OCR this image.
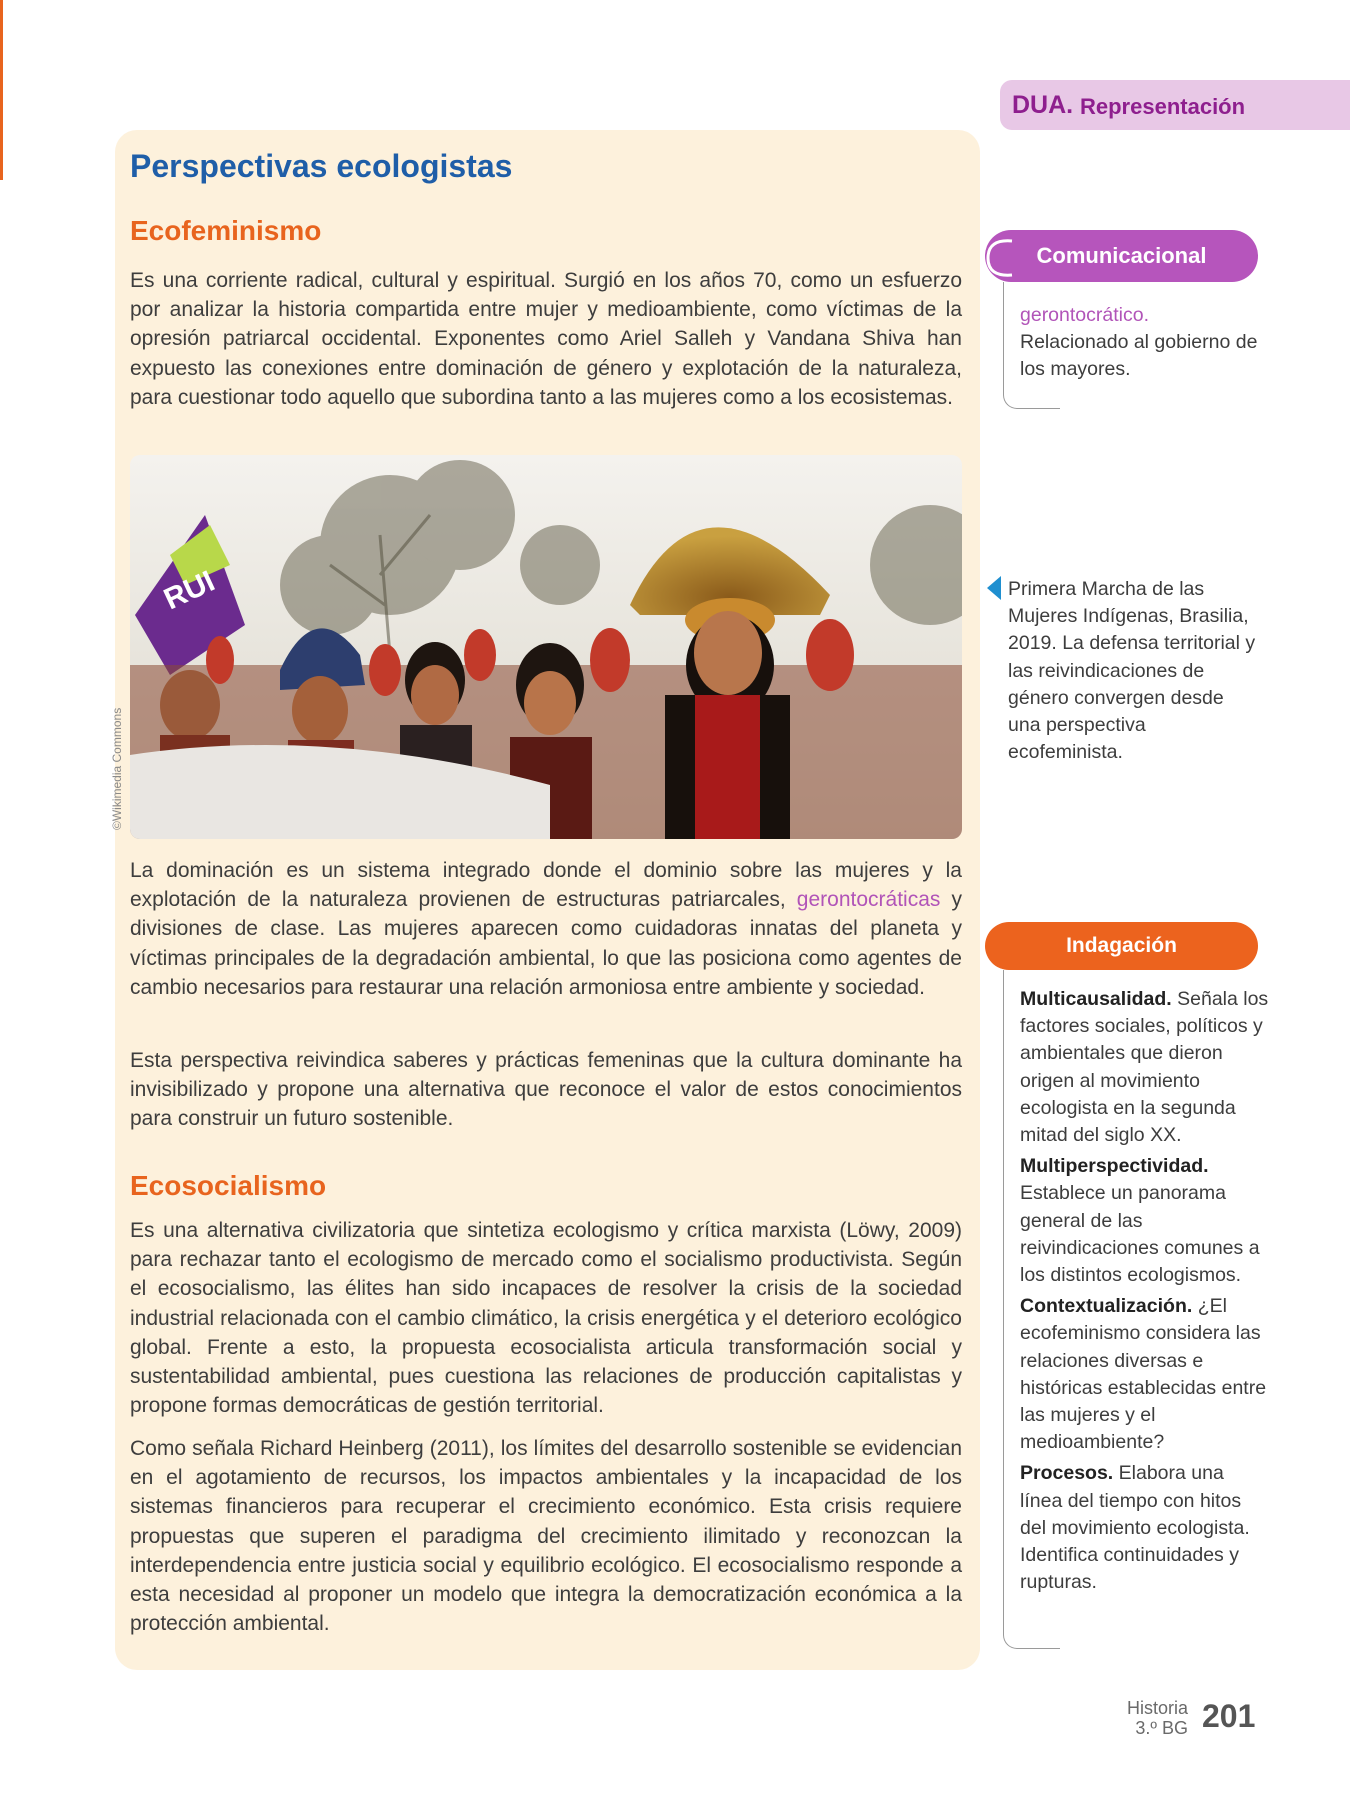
DUA. Representación
Perspectivas ecologistas
Ecofeminismo

Es una corriente radical, cultural y espiritual. Surgió en los años 70, como un esfuerzo por analizar la historia compartida entre mujer y medioambiente, como víctimas de la opresión patriarcal occidental. Exponentes como Ariel Salleh y Vandana Shiva han expuesto las conexiones entre dominación de género y explotación de la naturaleza, para cuestionar todo aquello que subordina tanto a las mujeres como a los ecosistemas.

RUI
©Wikimedia Commons

La dominación es un sistema integrado donde el dominio sobre las mujeres y la explotación de la naturaleza provienen de estructuras patriarcales, gerontocráticas y divisiones de clase. Las mujeres aparecen como cuidadoras innatas del planeta y víctimas principales de la degradación ambiental, lo que las posiciona como agentes de cambio necesarios para restaurar una relación armoniosa entre ambiente y sociedad.

Esta perspectiva reivindica saberes y prácticas femeninas que la cultura dominante ha invisibilizado y propone una alternativa que reconoce el valor de estos conocimientos para construir un futuro sostenible.

Ecosocialismo

Es una alternativa civilizatoria que sintetiza ecologismo y crítica marxista (Löwy, 2009) para rechazar tanto el ecologismo de mercado como el socialismo productivista. Según el ecosocialismo, las élites han sido incapaces de resolver la crisis de la sociedad industrial relacionada con el cambio climático, la crisis energética y el deterioro ecológico global. Frente a esto, la propuesta ecosocialista articula transformación social y sustentabilidad ambiental, pues cuestiona las relaciones de producción capitalistas y propone formas democráticas de gestión territorial.

Como señala Richard Heinberg (2011), los límites del desarrollo sostenible se evidencian en el agotamiento de recursos, los impactos ambientales y la incapacidad de los sistemas financieros para recuperar el crecimiento económico. Esta crisis requiere propuestas que superen el paradigma del crecimiento ilimitado y reconozcan la interdependencia entre justicia social y equilibrio ecológico. El ecosocialismo responde a esta necesidad al proponer un modelo que integra la democratización económica a la protección ambiental.

Comunicacional

gerontocrático.
Relacionado al gobierno de los mayores.

Primera Marcha de las Mujeres Indígenas, Brasilia, 2019. La defensa territorial y las reivindicaciones de género convergen desde una perspectiva ecofeminista.

Indagación

Multicausalidad. Señala los factores sociales, políticos y ambientales que dieron origen al movimiento ecologista en la segunda mitad del siglo XX.

Multiperspectividad. Establece un panorama general de las reivindicaciones comunes a los distintos ecologismos.

Contextualización. ¿El ecofeminismo considera las relaciones diversas e históricas establecidas entre las mujeres y el medioambiente?

Procesos. Elabora una línea del tiempo con hitos del movimiento ecologista. Identifica continuidades y rupturas.

Historia
3.º BG 201
